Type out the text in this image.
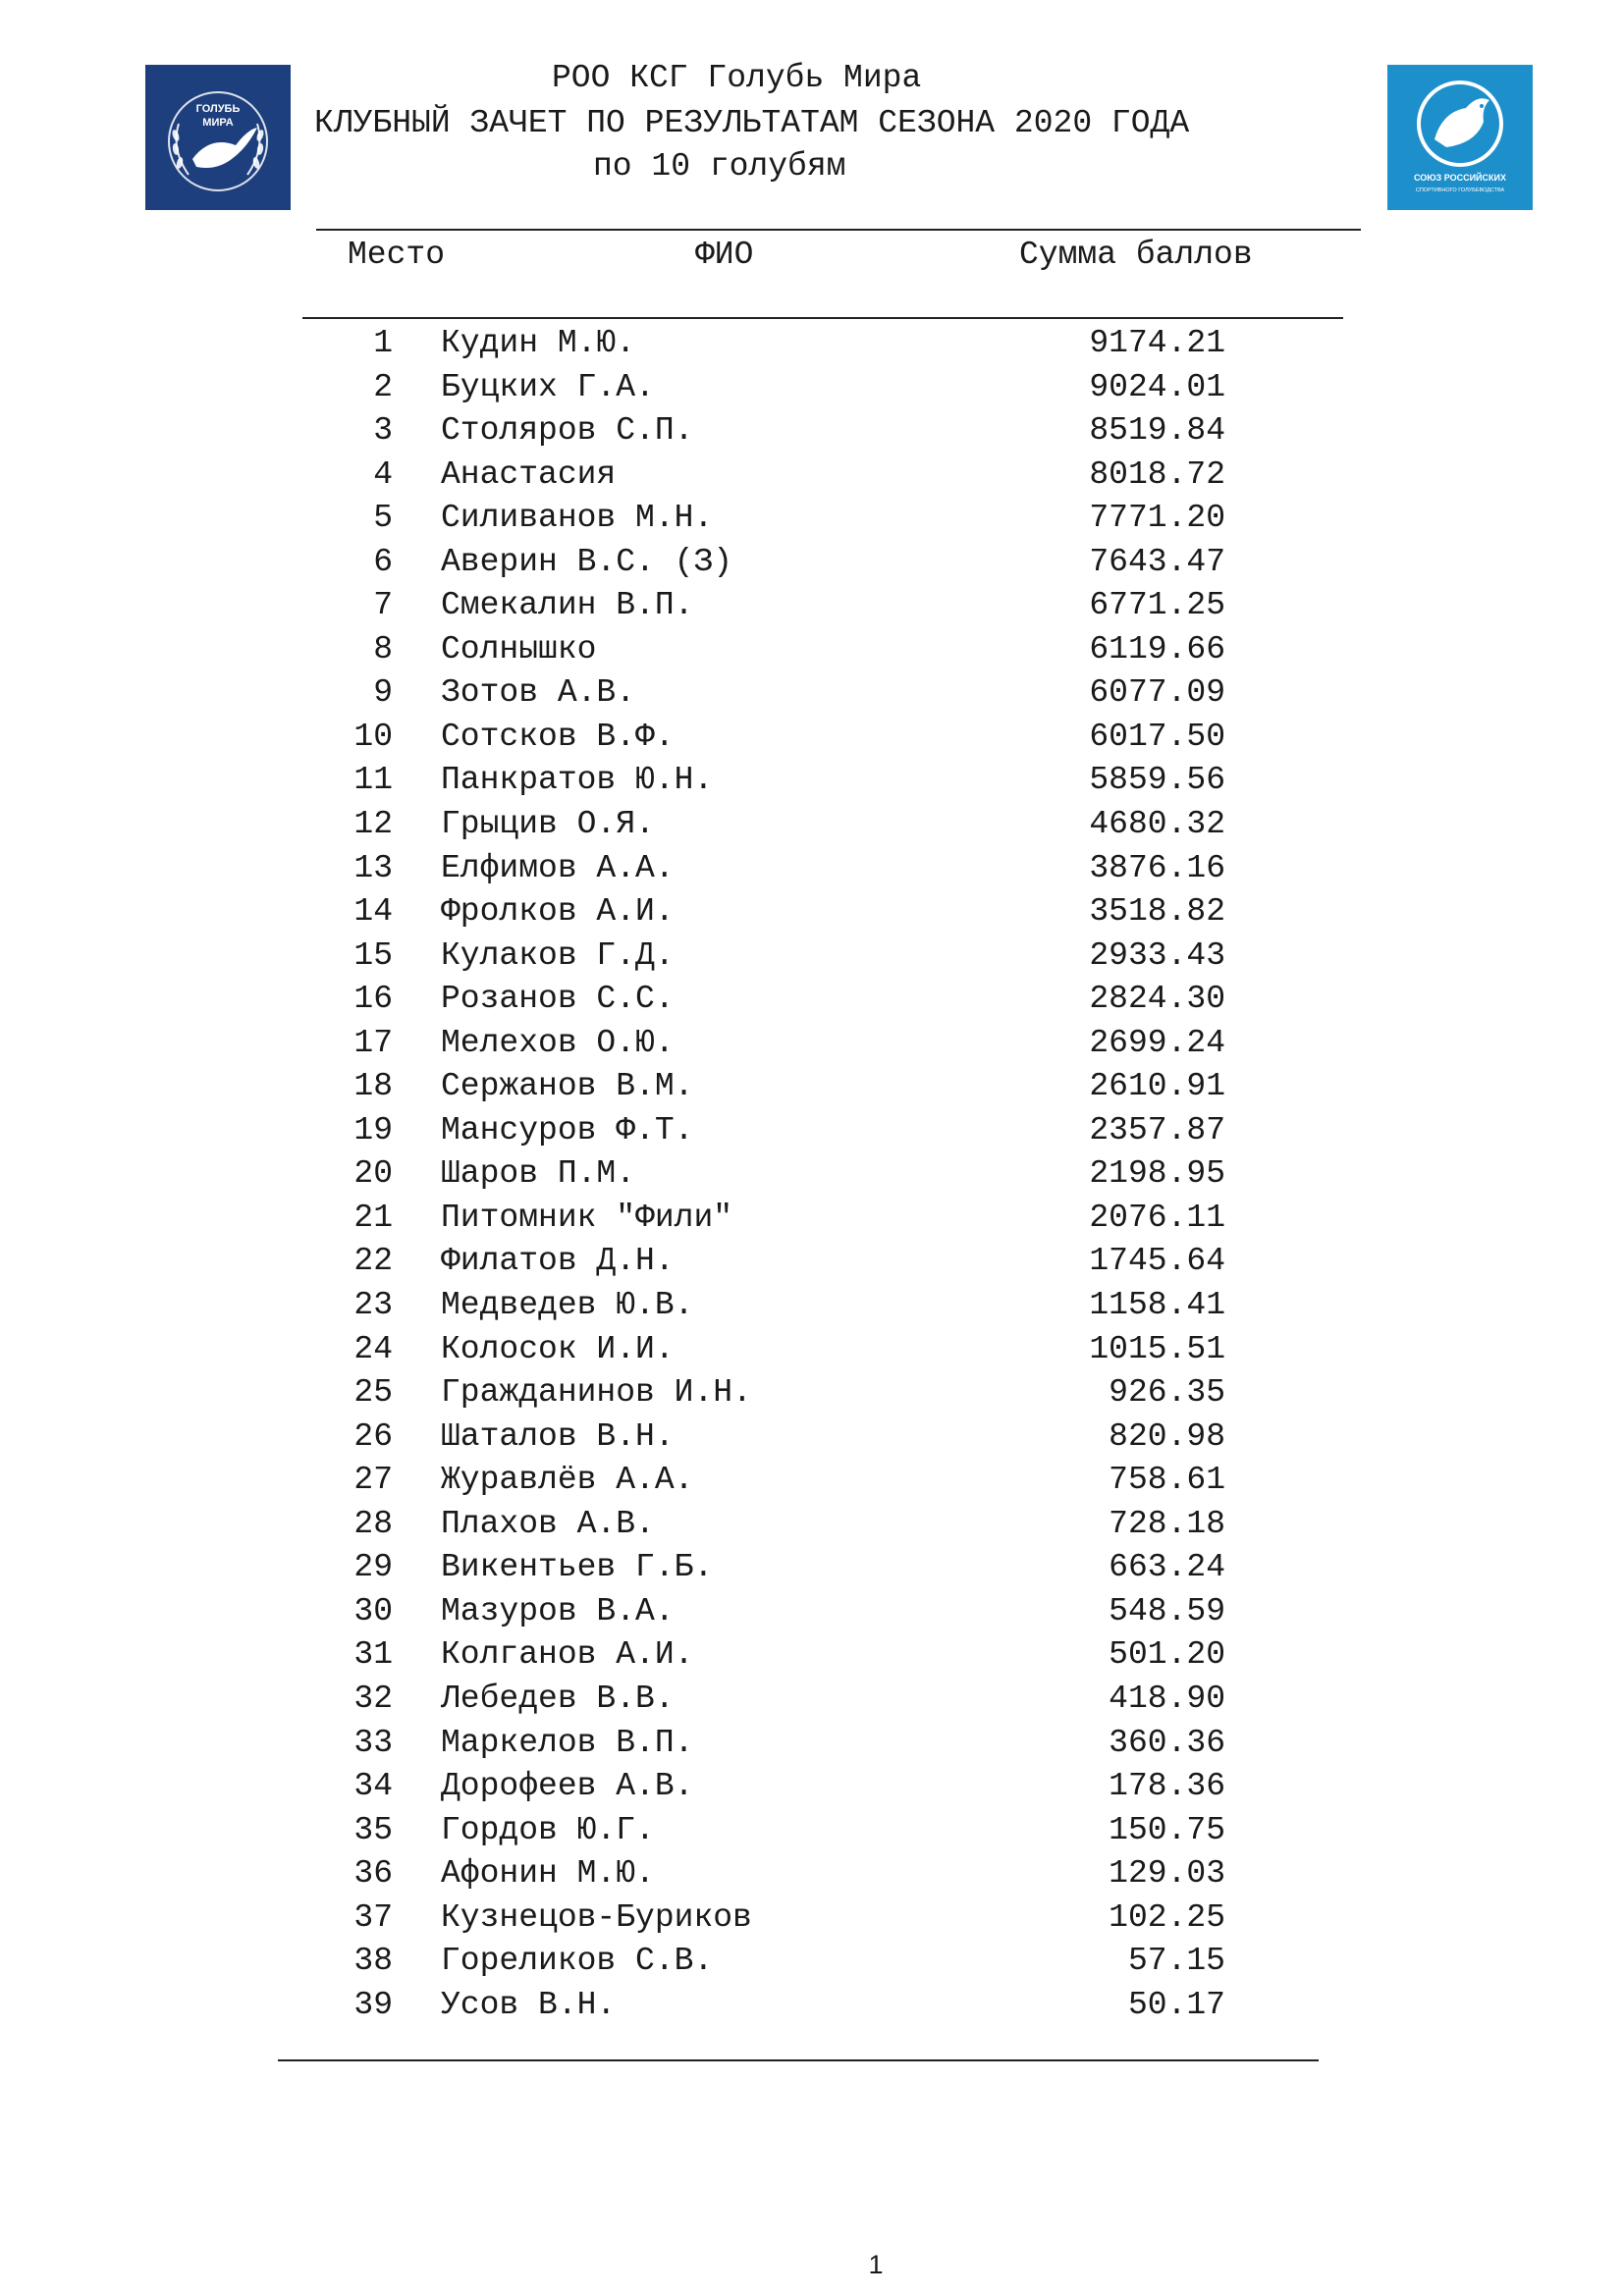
ГОЛУБЬ
МИРА
СОЮЗ РОССИЙСКИХ
СПОРТИВНОГО ГОЛУБЕВОДСТВА
РОО КСГ Голубь Мира
КЛУБНЫЙ ЗАЧЕТ ПО РЕЗУЛЬТАТАМ СЕЗОНА 2020 ГОДА
по 10 голубям
Место	ФИО	Сумма баллов
1 Кудин М.Ю.	9174.21
2 Буцких Г.А.	9024.01
3 Столяров С.П.	8519.84
4 Анастасия	8018.72
5 Силиванов М.Н.	7771.20
6 Аверин В.С. (З)	7643.47
7 Смекалин В.П.	6771.25
8 Солнышко	6119.66
9 Зотов А.В.	6077.09
10 Сотсков В.Ф.	6017.50
11 Панкратов Ю.Н.	5859.56
12 Грыцив О.Я.	4680.32
13 Елфимов А.А.	3876.16
14 Фролков А.И.	3518.82
15 Кулаков Г.Д.	2933.43
16 Розанов С.С.	2824.30
17 Мелехов О.Ю.	2699.24
18 Сержанов В.М.	2610.91
19 Мансуров Ф.Т.	2357.87
20 Шаров П.М.	2198.95
21 Питомник "Фили"	2076.11
22 Филатов Д.Н.	1745.64
23 Медведев Ю.В.	1158.41
24 Колосок И.И.	1015.51
25 Гражданинов И.Н.	926.35
26 Шаталов В.Н.	820.98
27 Журавлёв А.А.	758.61
28 Плахов А.В.	728.18
29 Викентьев Г.Б.	663.24
30 Мазуров В.А.	548.59
31 Колганов А.И.	501.20
32 Лебедев В.В.	418.90
33 Маркелов В.П.	360.36
34 Дорофеев А.В.	178.36
35 Гордов Ю.Г.	150.75
36 Афонин М.Ю.	129.03
37 Кузнецов-Буриков	102.25
38 Гореликов С.В.	57.15
39 Усов В.Н.	50.17
1
